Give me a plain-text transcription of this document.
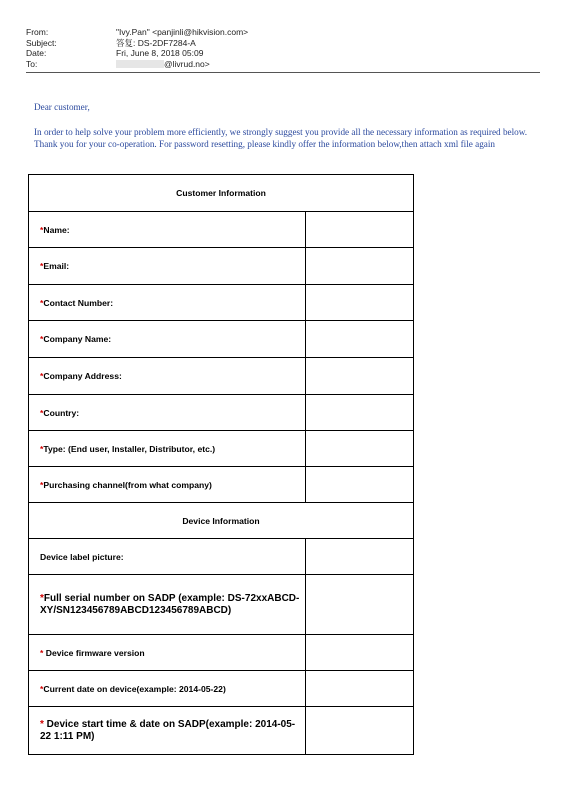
From:	"Ivy.Pan" <panjinli@hikvision.com>
Subject:	答复: DS-2DF7284-A
Date:	Fri, June 8, 2018 05:09
To:	@livrud.no>

Dear customer,

In order to help solve your problem more efficiently, we strongly suggest you provide all the necessary information as required below. Thank you for your co-operation. For password resetting, please kindly offer the information below,then attach xml file again

Customer Information	
*Name:	
*Email:	
*Contact Number:	
*Company Name:	
*Company Address:	
*Country:	
*Type: (End user, Installer, Distributor, etc.)	
*Purchasing channel(from what company)	
Device Information	
Device label picture:	
*Full serial number on SADP (example: DS-72xxABCD-XY/SN123456789ABCD123456789ABCD)	
* Device firmware version	
*Current date on device(example: 2014-05-22)	
* Device start time & date on SADP(example: 2014-05-22 1:11 PM)	
